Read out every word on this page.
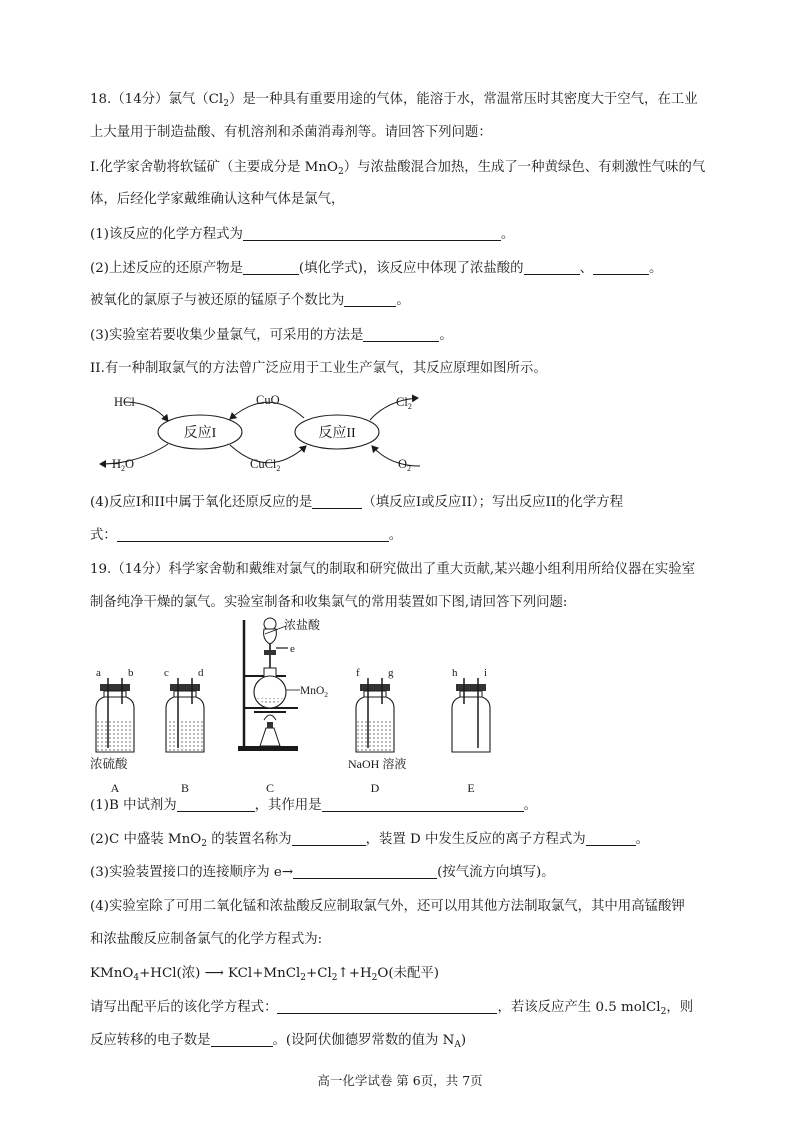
18.（14分）氯气$(Cl_2)$是一种具有重要用途的气体，能溶于水，常温常压时其密度大于空气，在工业
上大量用于制造盐酸、有机溶剂和杀菌消毒剂等。请回答下列问题：
I.化学家舍勒将软锰矿（主要成分是 MnO$_2$）与浓盐酸混合加热，生成了一种黄绿色、有刺激性气味的气
体，后经化学家戴维确认这种气体是氯气，
(1)该反应的化学方程式为	。
(2)上述反应的还原产物是	(填化学式)，该反应中体现了浓盐酸的	、	。
被氧化的氯原子与被还原的锰原子个数比为	。
(3)实验室若要收集少量氯气，可采用的方法是	。
II.有一种制取氯气的方法曾广泛应用于工业生产氯气，其反应原理如图所示。
反应I	反应II
HCl
$H_2O$
CuO
CuCl$_2$
$Cl_2$
$O_2$
(4)反应I和II中属于氧化还原反应的是	（填反应I或反应II）；写出反应II的化学方程
式：	。
19.（14分）科学家舍勒和戴维对氯气的制取和研究做出了重大贡献,某兴趣小组利用所给仪器在实验室
制备纯净干燥的氯气。实验室制备和收集氯气的常用装置如下图,请回答下列问题:
a b	c	d
e
浓盐酸
MnO$_2$
f	g	h i
浓硫酸	NaOH 溶液
A	B	C	D	E
(1)B 中试剂为	，其作用是	。
(2)C 中盛装 MnO$_2$ 的装置名称为	，装置 D 中发生反应的离子方程式为	。
(3)实验装置接口的连接顺序为 e→	(按气流方向填写)。
(4)实验室除了可用二氧化锰和浓盐酸反应制取氯气外，还可以用其他方法制取氯气，其中用高锰酸钾
和浓盐酸反应制备氯气的化学方程式为:
KMnO$_4$+HCl(浓) ⟶ $KCl+MnCl_2+Cl_2↑+H_2O$(未配平)
请写出配平后的该化学方程式：	，若该反应产生 0.5 molCl$_2$，则
反应转移的电子数是	。(设阿伏伽德罗常数的值为 $N_A$)
高一化学试卷 第 6页，共 7页
